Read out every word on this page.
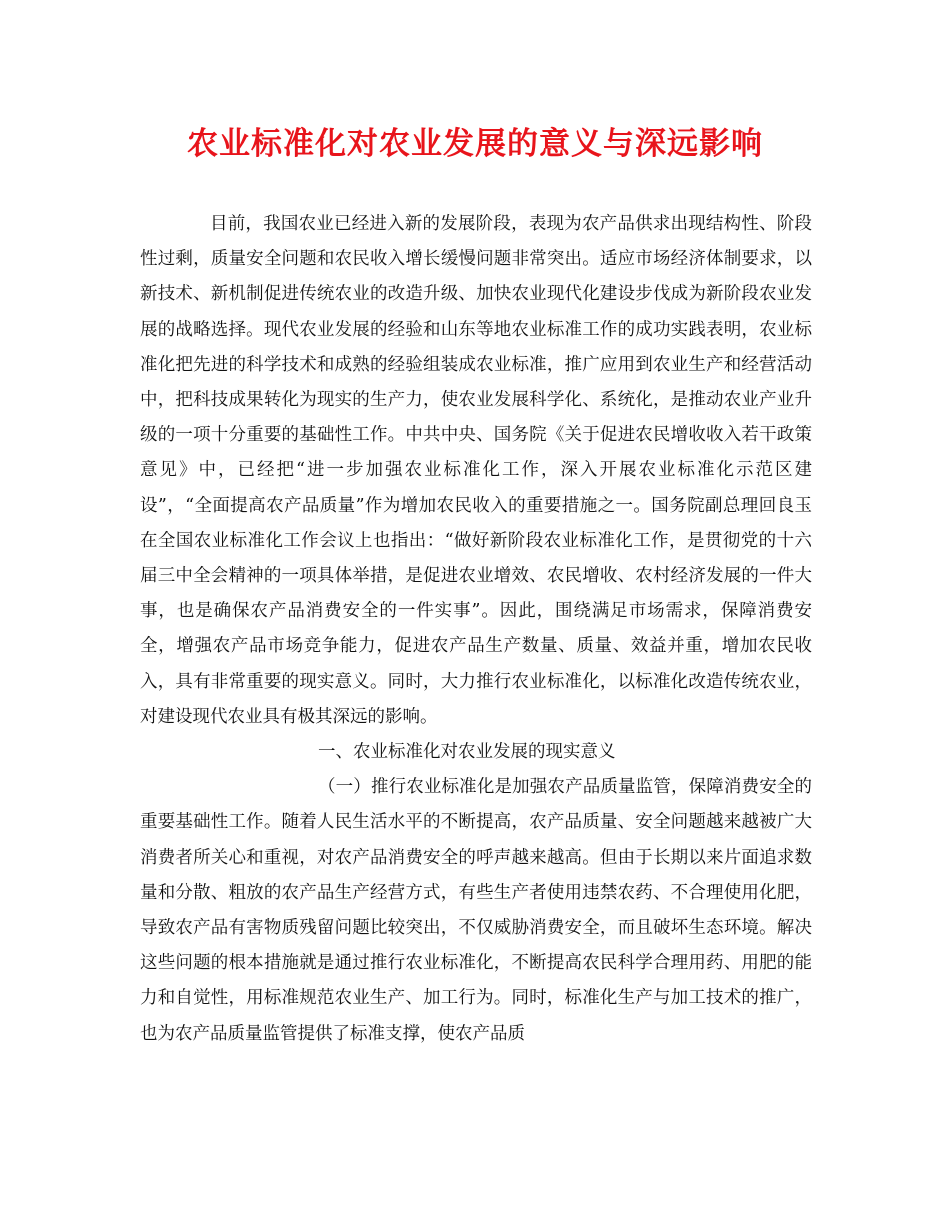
农业标准化对农业发展的意义与深远影响

目前，我国农业已经进入新的发展阶段，表现为农产品供求出现结构性、阶段性过剩，质量安全问题和农民收入增长缓慢问题非常突出。适应市场经济体制要求，以新技术、新机制促进传统农业的改造升级、加快农业现代化建设步伐成为新阶段农业发展的战略选择。现代农业发展的经验和山东等地农业标准工作的成功实践表明，农业标准化把先进的科学技术和成熟的经验组装成农业标准，推广应用到农业生产和经营活动中，把科技成果转化为现实的生产力，使农业发展科学化、系统化，是推动农业产业升级的一项十分重要的基础性工作。中共中央、国务院《关于促进农民增收收入若干政策意见》中，已经把“进一步加强农业标准化工作，深入开展农业标准化示范区建设”，“全面提高农产品质量”作为增加农民收入的重要措施之一。国务院副总理回良玉在全国农业标准化工作会议上也指出：“做好新阶段农业标准化工作，是贯彻党的十六届三中全会精神的一项具体举措，是促进农业增效、农民增收、农村经济发展的一件大事，也是确保农产品消费安全的一件实事”。因此，围绕满足市场需求，保障消费安全，增强农产品市场竞争能力，促进农产品生产数量、质量、效益并重，增加农民收入，具有非常重要的现实意义。同时，大力推行农业标准化，以标准化改造传统农业，对建设现代农业具有极其深远的影响。

一、农业标准化对农业发展的现实意义

（一）推行农业标准化是加强农产品质量监管，保障消费安全的重要基础性工作。随着人民生活水平的不断提高，农产品质量、安全问题越来越被广大消费者所关心和重视，对农产品消费安全的呼声越来越高。但由于长期以来片面追求数量和分散、粗放的农产品生产经营方式，有些生产者使用违禁农药、不合理使用化肥，导致农产品有害物质残留问题比较突出，不仅威胁消费安全，而且破坏生态环境。解决这些问题的根本措施就是通过推行农业标准化，不断提高农民科学合理用药、用肥的能力和自觉性，用标准规范农业生产、加工行为。同时，标准化生产与加工技术的推广，也为农产品质量监管提供了标准支撑，使农产品质
